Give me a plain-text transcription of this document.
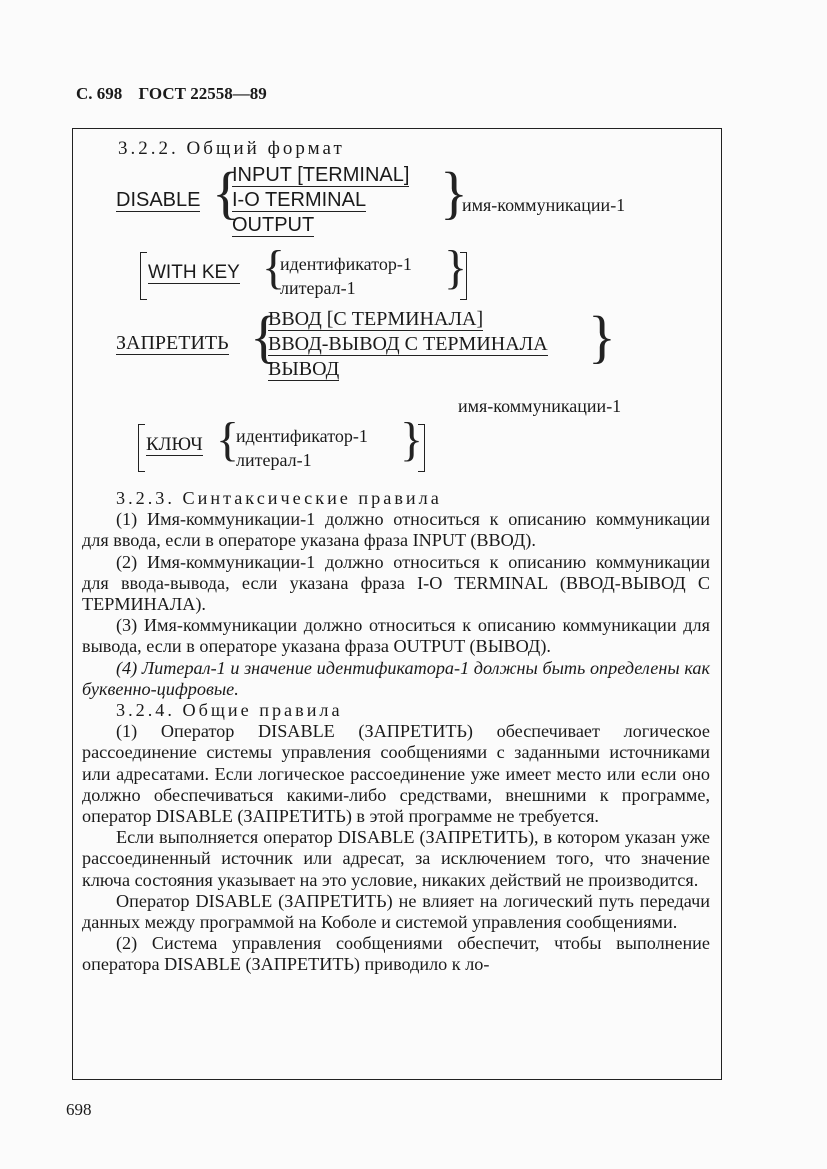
С. 698 ГОСТ 22558—89
3.2.2. Общий формат
DISABLE {
INPUT [TERMINAL]
I-O TERMINAL
OUTPUT }
имя-коммуникации-1
WITH KEY {
идентификатор-1
литерал-1 }
ЗАПРЕТИТЬ {
ВВОД [С ТЕРМИНАЛА]
ВВОД-ВЫВОД С ТЕРМИНАЛА
ВЫВОД	}
имя-коммуникации-1
КЛЮЧ {
идентификатор-1
литерал-1 }

3.2.3. Синтаксические правила

(1) Имя-коммуникации-1 должно относиться к описанию коммуникации для ввода, если в операторе указана фраза INPUT (ВВОД).

(2) Имя-коммуникации-1 должно относиться к описанию коммуникации для ввода-вывода, если указана фраза I-O TERMINAL (ВВОД-ВЫВОД С ТЕРМИНАЛА).

(3) Имя-коммуникации должно относиться к описанию коммуникации для вывода, если в операторе указана фраза OUTPUT (ВЫВОД).

(4) Литерал-1 и значение идентификатора-1 должны быть определены как буквенно-цифровые.

3.2.4. Общие правила

(1) Оператор DISABLE (ЗАПРЕТИТЬ) обеспечивает логическое рассоединение системы управления сообщениями с заданными источниками или адресатами. Если логическое рассоединение уже имеет место или если оно должно обеспечиваться какими-либо средствами, внешними к программе, оператор DISABLE (ЗАПРЕТИТЬ) в этой программе не требуется.

Если выполняется оператор DISABLE (ЗАПРЕТИТЬ), в котором указан уже рассоединенный источник или адресат, за исключением того, что значение ключа состояния указывает на это условие, никаких действий не производится.

Оператор DISABLE (ЗАПРЕТИТЬ) не влияет на логический путь передачи данных между программой на Коболе и системой управления сообщениями.

(2) Система управления сообщениями обеспечит, чтобы выполнение оператора DISABLE (ЗАПРЕТИТЬ) приводило к ло-

698
